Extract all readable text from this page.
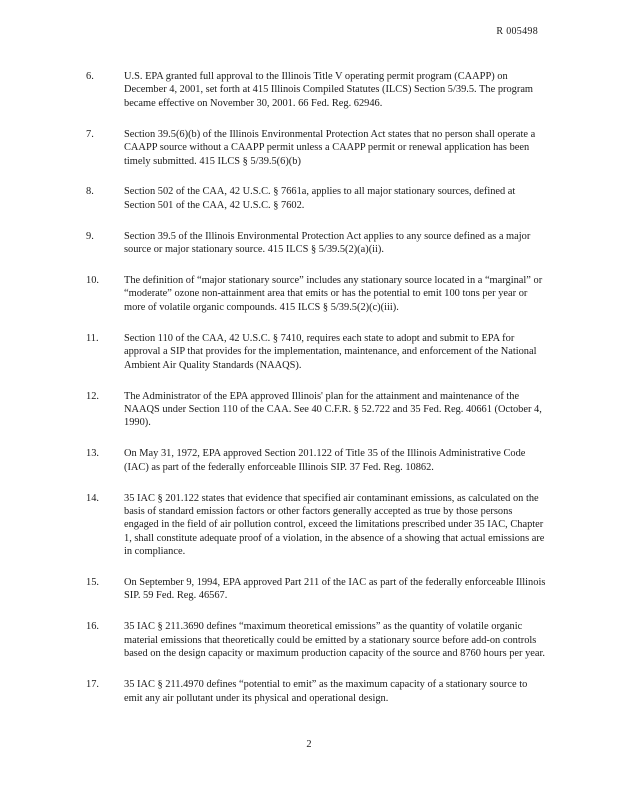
R 005498
6.	U.S. EPA granted full approval to the Illinois Title V operating permit program (CAAPP) on December 4, 2001, set forth at 415 Illinois Compiled Statutes (ILCS) Section 5/39.5. The program became effective on November 30, 2001. 66 Fed. Reg. 62946.
7.	Section 39.5(6)(b) of the Illinois Environmental Protection Act states that no person shall operate a CAAPP source without a CAAPP permit unless a CAAPP permit or renewal application has been timely submitted. 415 ILCS § 5/39.5(6)(b)
8.	Section 502 of the CAA, 42 U.S.C. § 7661a, applies to all major stationary sources, defined at Section 501 of the CAA, 42 U.S.C. § 7602.
9.	Section 39.5 of the Illinois Environmental Protection Act applies to any source defined as a major source or major stationary source. 415 ILCS § 5/39.5(2)(a)(ii).
10.	The definition of “major stationary source” includes any stationary source located in a “marginal” or “moderate” ozone non-attainment area that emits or has the potential to emit 100 tons per year or more of volatile organic compounds. 415 ILCS § 5/39.5(2)(c)(iii).
11.	Section 110 of the CAA, 42 U.S.C. § 7410, requires each state to adopt and submit to EPA for approval a SIP that provides for the implementation, maintenance, and enforcement of the National Ambient Air Quality Standards (NAAQS).
12.	The Administrator of the EPA approved Illinois' plan for the attainment and maintenance of the NAAQS under Section 110 of the CAA. See 40 C.F.R. § 52.722 and 35 Fed. Reg. 40661 (October 4, 1990).
13.	On May 31, 1972, EPA approved Section 201.122 of Title 35 of the Illinois Administrative Code (IAC) as part of the federally enforceable Illinois SIP. 37 Fed. Reg. 10862.
14.	35 IAC § 201.122 states that evidence that specified air contaminant emissions, as calculated on the basis of standard emission factors or other factors generally accepted as true by those persons engaged in the field of air pollution control, exceed the limitations prescribed under 35 IAC, Chapter 1, shall constitute adequate proof of a violation, in the absence of a showing that actual emissions are in compliance.
15.	On September 9, 1994, EPA approved Part 211 of the IAC as part of the federally enforceable Illinois SIP. 59 Fed. Reg. 46567.
16.	35 IAC § 211.3690 defines “maximum theoretical emissions” as the quantity of volatile organic material emissions that theoretically could be emitted by a stationary source before add-on controls based on the design capacity or maximum production capacity of the source and 8760 hours per year.
17.	35 IAC § 211.4970 defines “potential to emit” as the maximum capacity of a stationary source to emit any air pollutant under its physical and operational design.
2
